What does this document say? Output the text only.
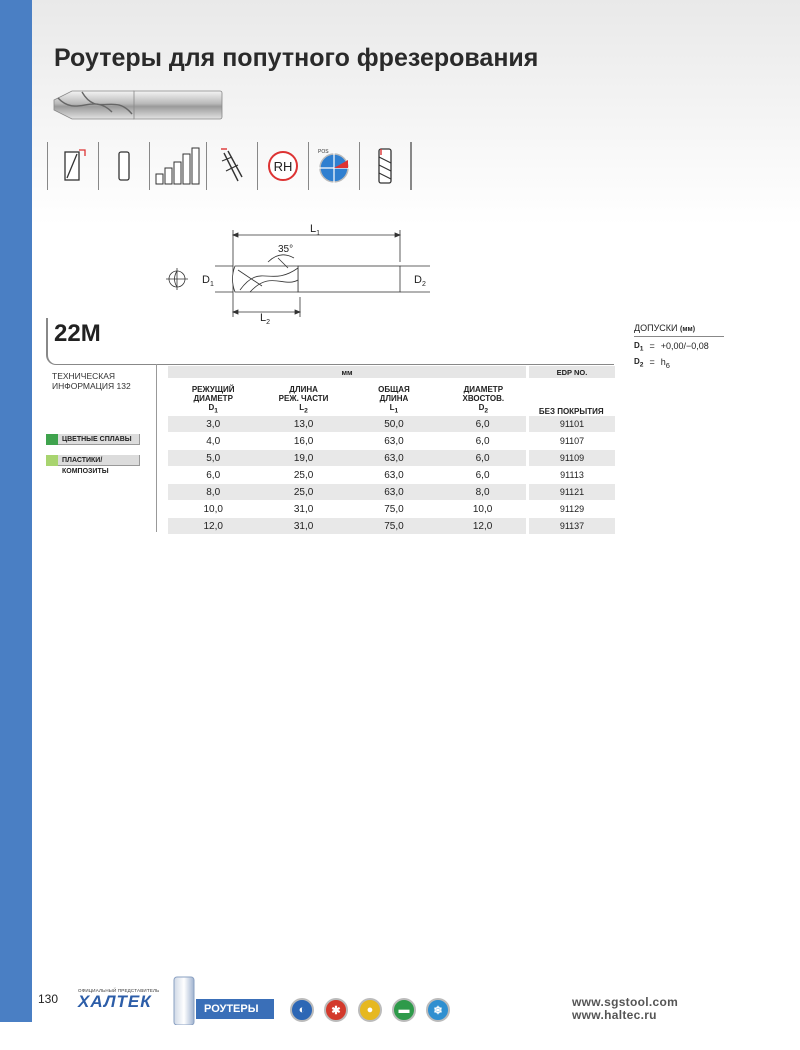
Роутеры для попутного фрезерования
RH
POS
$L_1$
$L_2$
$D_1$	$D_2$
35°
22M	ДОПУСКИ (мм)
$D_1 = +0,00/-0,08$
$D_2 = h_6$
ТЕХНИЧЕСКАЯ
ИНФОРМАЦИЯ 132
ЦВЕТНЫЕ СПЛАВЫ
ПЛАСТИКИ/КОМПОЗИТЫ
мм				EDP NO.
РЕЖУЩИЙ
ДИАМЕТР
$D_1$	ДЛИНА
РЕЖ. ЧАСТИ
$L_2$	ОБЩАЯ
ДЛИНА
$L_1$	ДИАМЕТР
ХВОСТОВ.
$D_2$	БЕЗ ПОКРЫТИЯ
3,0	13,0	50,0	6,0	91101
4,0	16,0	63,0	6,0	91107
5,0	19,0	63,0	6,0	91109
6,0	25,0	63,0	6,0	91113
8,0	25,0	63,0	8,0	91121
10,0	31,0	75,0	10,0	91129
12,0	31,0	75,0	12,0	91137
130
ОФИЦИАЛЬНЫЙ ПРЕДСТАВИТЕЛЬ
ХАЛТЕК	РОУТЕРЫ	◐	✱	●	▬	❄
www.sgstool.com
www.haltec.ru
